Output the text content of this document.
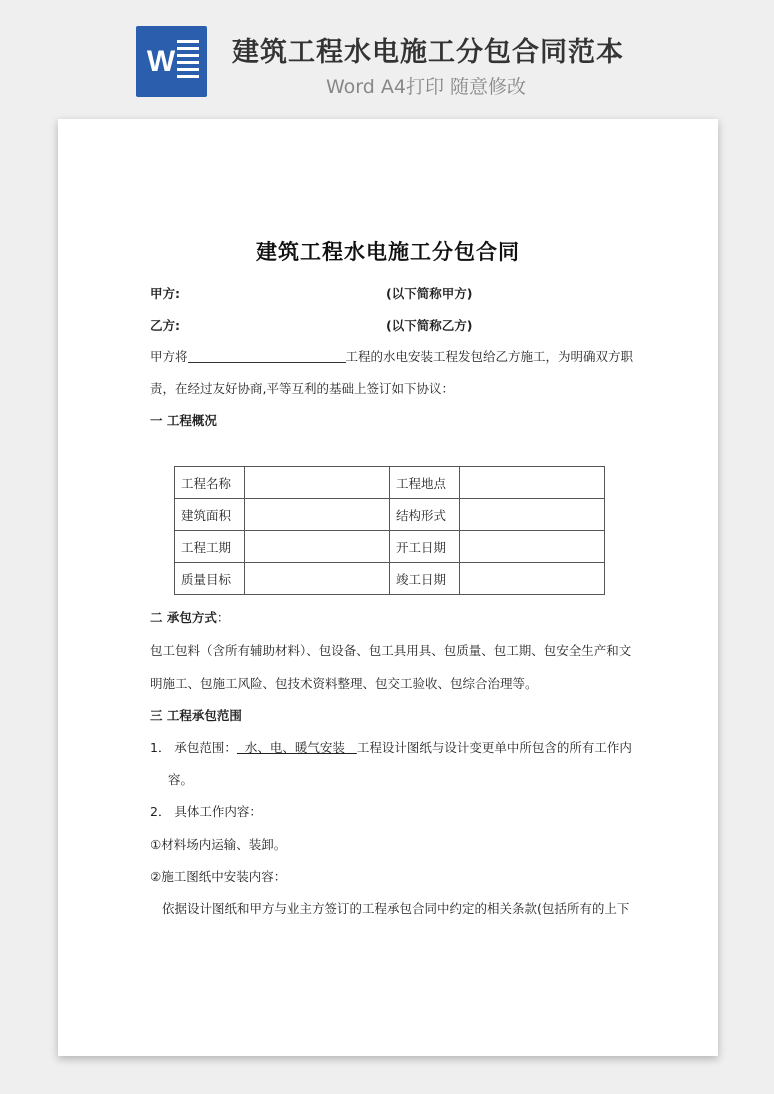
W 建筑工程水电施工分包合同范本
Word A4打印 随意修改
建筑工程水电施工分包合同
甲方:	(以下简称甲方)
乙方:	(以下简称乙方)
甲方将	工程的水电安装工程发包给乙方施工，为明确双方职
责，在经过友好协商,平等互利的基础上签订如下协议：
一 工程概况
工程名称		工程地点	
建筑面积		结构形式	
工程工期		开工日期	
质量目标		竣工日期	
二 承包方式：
包工包料（含所有辅助材料）、包设备、包工具用具、包质量、包工期、包安全生产和文
明施工、包施工风险、包技术资料整理、包交工验收、包综合治理等。
三 工程承包范围
1． 承包范围：  水、电、暖气安装   工程设计图纸与设计变更单中所包含的所有工作内
容。
2． 具体工作内容：
①材料场内运输、装卸。
②施工图纸中安装内容：
依据设计图纸和甲方与业主方签订的工程承包合同中约定的相关条款(包括所有的上下
